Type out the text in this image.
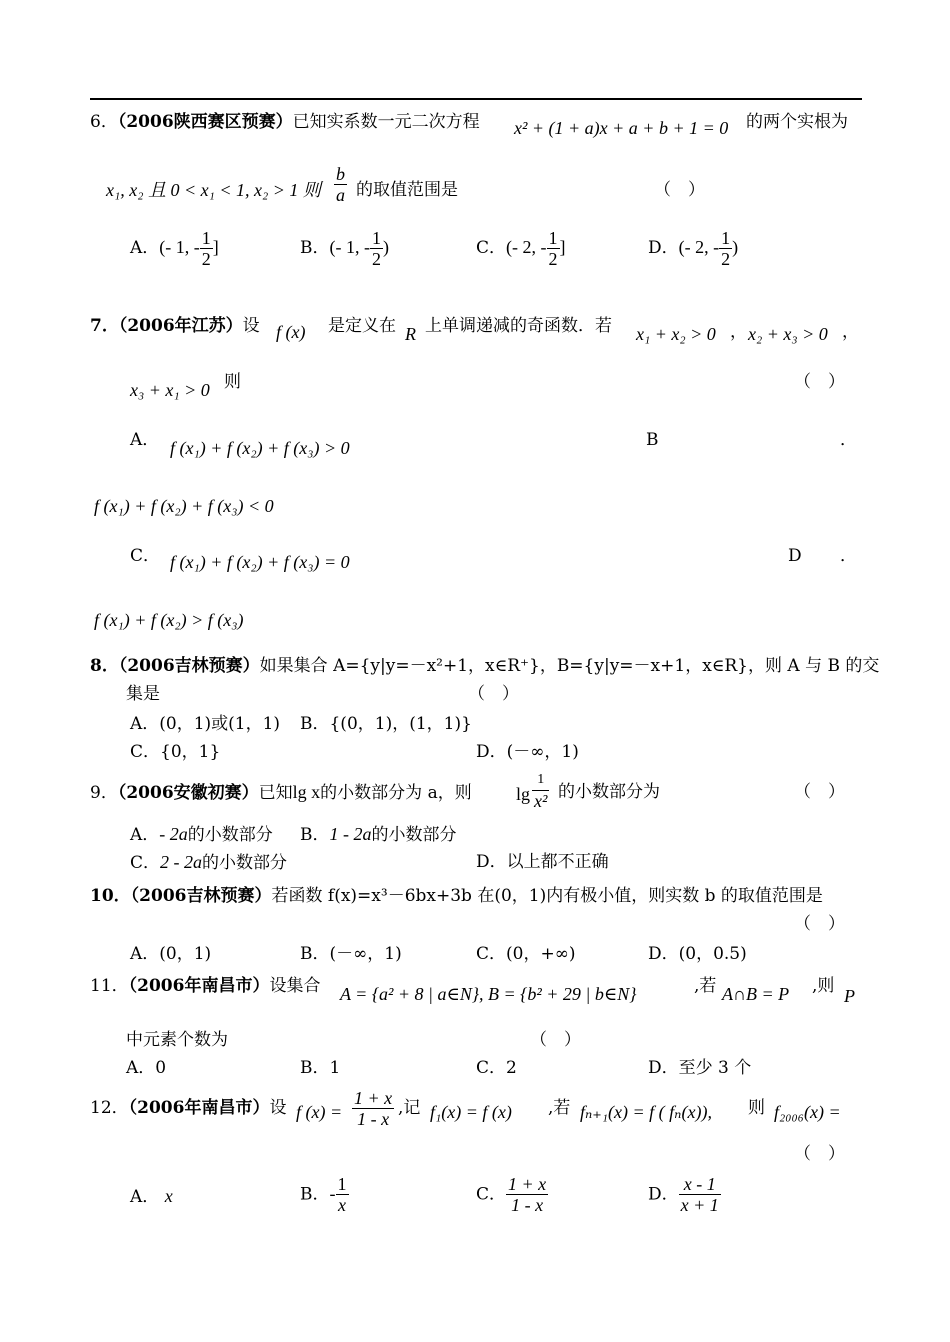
6．（2006陕西赛区预赛）已知实系数一元二次方程 x² + (1 + a)x + a + b + 1 = 0 的两个实根为
x₁, x₂ 且 0 < x₁ < 1, x₂ > 1 则 $\frac{b}{a}$ 的取值范围是	（　）
A．(- 1, - $\frac{1}{2}$ ]	B．(- 1, - $\frac{1}{2}$ )	C．(- 2, - $\frac{1}{2}$ ]	D．(- 2, - $\frac{1}{2}$ )
7．（2006年江苏）设 f (x) 是定义在 R 上单调递减的奇函数．若 x₁ + x₂ > 0 ， x₂ + x₃ > 0 ，
x₃ + x₁ > 0 则	（　）
A． f (x₁) + f (x₂) + f (x₃) > 0	B	．
f (x₁) + f (x₂) + f (x₃) < 0
C． f (x₁) + f (x₂) + f (x₃) = 0	D ．
f (x₁) + f (x₂) > f (x₃)
8．（2006吉林预赛）如果集合 A={y|y=－x²+1，x∈R⁺}，B={y|y=－x+1，x∈R}，则 A 与 B 的交
集是	（　）
A．(0，1)或(1，1) B．{(0，1)，(1，1)}
C．{0，1}	D．(－∞，1)
9．（2006安徽初赛）已知lg x的小数部分为 a，则 $\lg \frac{1}{\text{x²}}$ 的小数部分为	（　）
A．- 2a的小数部分 B．1 - 2a的小数部分
C．2 - 2a的小数部分	D．以上都不正确
10．（2006吉林预赛）若函数 f(x)=x³－6bx+3b 在(0，1)内有极小值，则实数 b 的取值范围是
（　）
A．(0，1)	B．(－∞，1)	C．(0，+∞)	D．(0，0.5)
11．（2006年南昌市）设集合 A = {a² + 8 | a∈N}, B = {b² + 29 | b∈N}	,若 A∩B = P ,则 P
中元素个数为	（　）
A．0	B．1	C．2	D．至少 3 个
12．（2006年南昌市）设 f $(x) = \frac{1 + x}{1 - x}$ ,记 f₁(x) = f (x) ,若 fₙ₊₁(x) = f ( fₙ(x)), 则 f₂₀₀₆(x) =
（　）
A． x	B．- $\frac{1}{x}$	C． $\frac{1 + x}{1 - x}$	D． $\frac{x - 1}{x + 1}$
